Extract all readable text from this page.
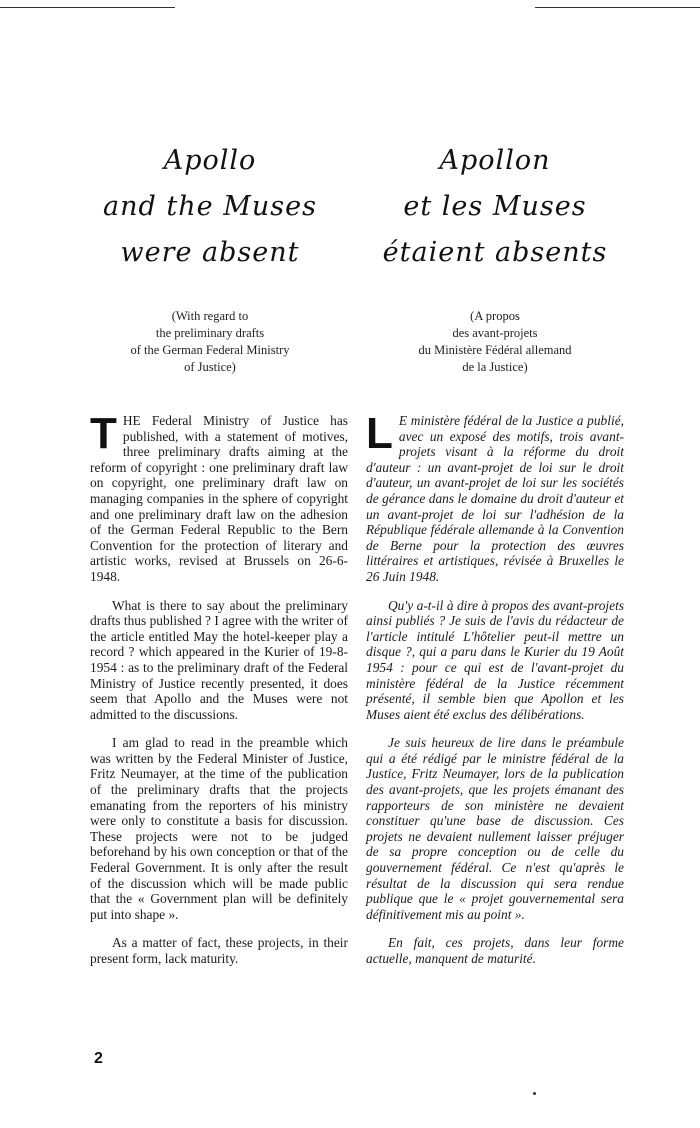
Apollo
and the Muses
were absent
Apollon
et les Muses
étaient absents
(With regard to
the preliminary drafts
of the German Federal Ministry
of Justice)
(A propos
des avant-projets
du Ministère Fédéral allemand
de la Justice)

THE Federal Ministry of Justice has published, with a statement of motives, three preliminary drafts aiming at the reform of copyright : one preliminary draft law on copyright, one preliminary draft law on managing companies in the sphere of copyright and one preliminary draft law on the adhesion of the German Federal Republic to the Bern Convention for the protection of literary and artistic works, revised at Brussels on 26-6-1948.

What is there to say about the preliminary drafts thus published ? I agree with the writer of the article entitled May the hotel-keeper play a record ? which appeared in the Kurier of 19-8-1954 : as to the preliminary draft of the Federal Ministry of Justice recently presented, it does seem that Apollo and the Muses were not admitted to the discussions.

I am glad to read in the preamble which was written by the Federal Minister of Justice, Fritz Neumayer, at the time of the publication of the preliminary drafts that the projects emanating from the reporters of his ministry were only to constitute a basis for discussion. These projects were not to be judged beforehand by his own conception or that of the Federal Government. It is only after the result of the discussion which will be made public that the « Government plan will be definitely put into shape ».

As a matter of fact, these projects, in their present form, lack maturity.

L E ministère fédéral de la Justice a publié, avec un exposé des motifs, trois avant-projets visant à la réforme du droit d'auteur : un avant-projet de loi sur le droit d'auteur, un avant-projet de loi sur les sociétés de gérance dans le domaine du droit d'auteur et un avant-projet de loi sur l'adhésion de la République fédérale allemande à la Convention de Berne pour la protection des œuvres littéraires et artistiques, révisée à Bruxelles le 26 Juin 1948.

Qu'y a-t-il à dire à propos des avant-projets ainsi publiés ? Je suis de l'avis du rédacteur de l'article intitulé L'hôtelier peut-il mettre un disque ?, qui a paru dans le Kurier du 19 Août 1954 : pour ce qui est de l'avant-projet du ministère fédéral de la Justice récemment présenté, il semble bien que Apollon et les Muses aient été exclus des délibérations.

Je suis heureux de lire dans le préambule qui a été rédigé par le ministre fédéral de la Justice, Fritz Neumayer, lors de la publication des avant-projets, que les projets émanant des rapporteurs de son ministère ne devaient constituer qu'une base de discussion. Ces projets ne devaient nullement laisser préjuger de sa propre conception ou de celle du gouvernement fédéral. Ce n'est qu'après le résultat de la discussion qui sera rendue publique que le « projet gouvernemental sera définitivement mis au point ».

En fait, ces projets, dans leur forme actuelle, manquent de maturité.

2
